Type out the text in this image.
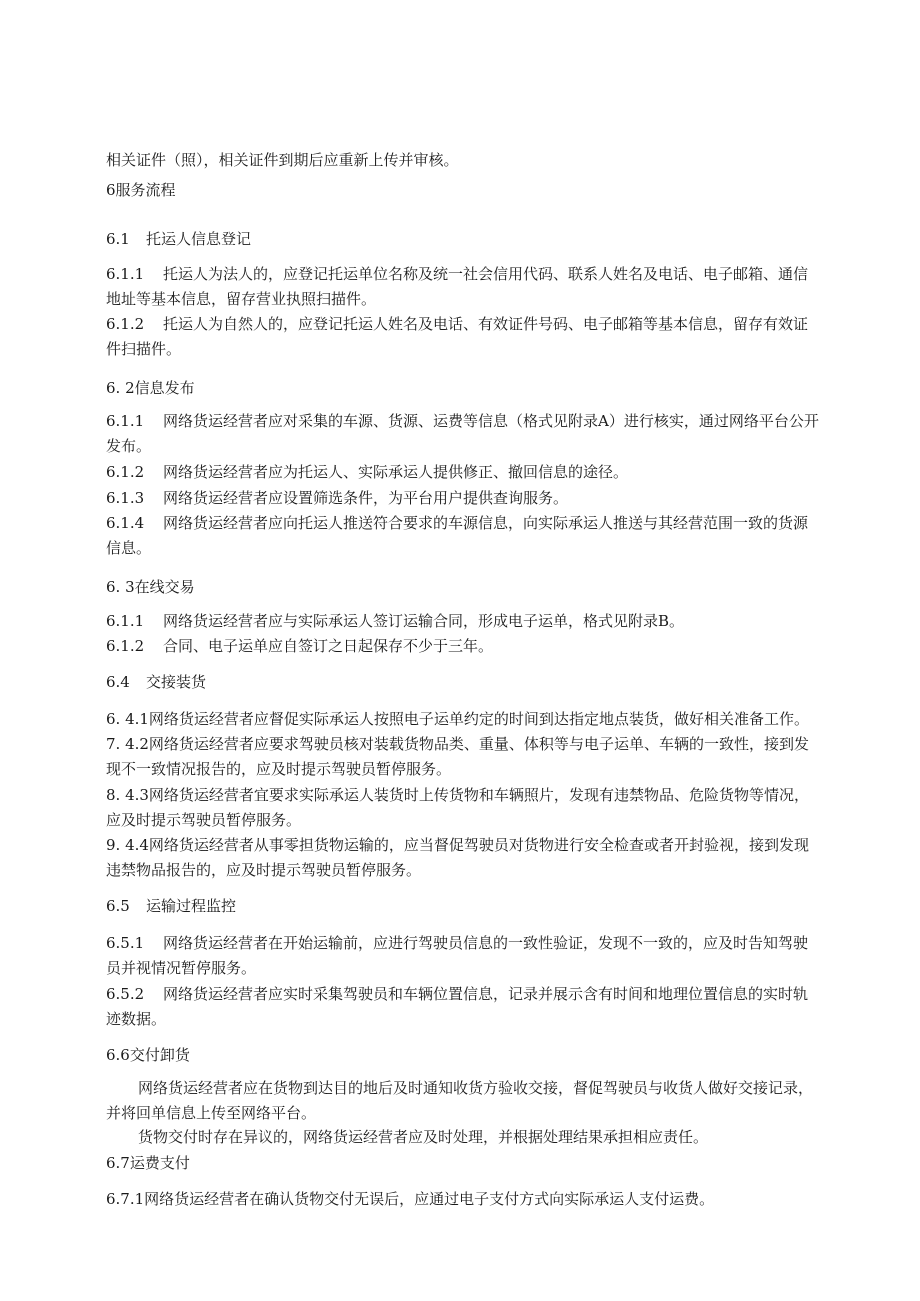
相关证件（照），相关证件到期后应重新上传并审核。
6服务流程
6.1 托运人信息登记
6.1.1 托运人为法人的，应登记托运单位名称及统一社会信用代码、联系人姓名及电话、电子邮箱、通信
地址等基本信息，留存营业执照扫描件。
6.1.2 托运人为自然人的，应登记托运人姓名及电话、有效证件号码、电子邮箱等基本信息，留存有效证
件扫描件。
6. 2信息发布
6.1.1 网络货运经营者应对采集的车源、货源、运费等信息（格式见附录A）进行核实，通过网络平台公开
发布。
6.1.2 网络货运经营者应为托运人、实际承运人提供修正、撤回信息的途径。
6.1.3 网络货运经营者应设置筛选条件，为平台用户提供查询服务。
6.1.4 网络货运经营者应向托运人推送符合要求的车源信息，向实际承运人推送与其经营范围一致的货源
信息。
6. 3在线交易
6.1.1 网络货运经营者应与实际承运人签订运输合同，形成电子运单，格式见附录B。
6.1.2 合同、电子运单应自签订之日起保存不少于三年。
6.4 交接装货
6. 4.1网络货运经营者应督促实际承运人按照电子运单约定的时间到达指定地点装货，做好相关准备工作。
7. 4.2网络货运经营者应要求驾驶员核对装载货物品类、重量、体积等与电子运单、车辆的一致性，接到发
现不一致情况报告的，应及时提示驾驶员暂停服务。
8. 4.3网络货运经营者宜要求实际承运人装货时上传货物和车辆照片，发现有违禁物品、危险货物等情况，
应及时提示驾驶员暂停服务。
9. 4.4网络货运经营者从事零担货物运输的，应当督促驾驶员对货物进行安全检查或者开封验视，接到发现
违禁物品报告的，应及时提示驾驶员暂停服务。
6.5 运输过程监控
6.5.1 网络货运经营者在开始运输前，应进行驾驶员信息的一致性验证，发现不一致的，应及时告知驾驶
员并视情况暂停服务。
6.5.2 网络货运经营者应实时采集驾驶员和车辆位置信息，记录并展示含有时间和地理位置信息的实时轨
迹数据。
6.6交付卸货
网络货运经营者应在货物到达目的地后及时通知收货方验收交接，督促驾驶员与收货人做好交接记录，
并将回单信息上传至网络平台。
货物交付时存在异议的，网络货运经营者应及时处理，并根据处理结果承担相应责任。
6.7运费支付
6.7.1网络货运经营者在确认货物交付无误后，应通过电子支付方式向实际承运人支付运费。
